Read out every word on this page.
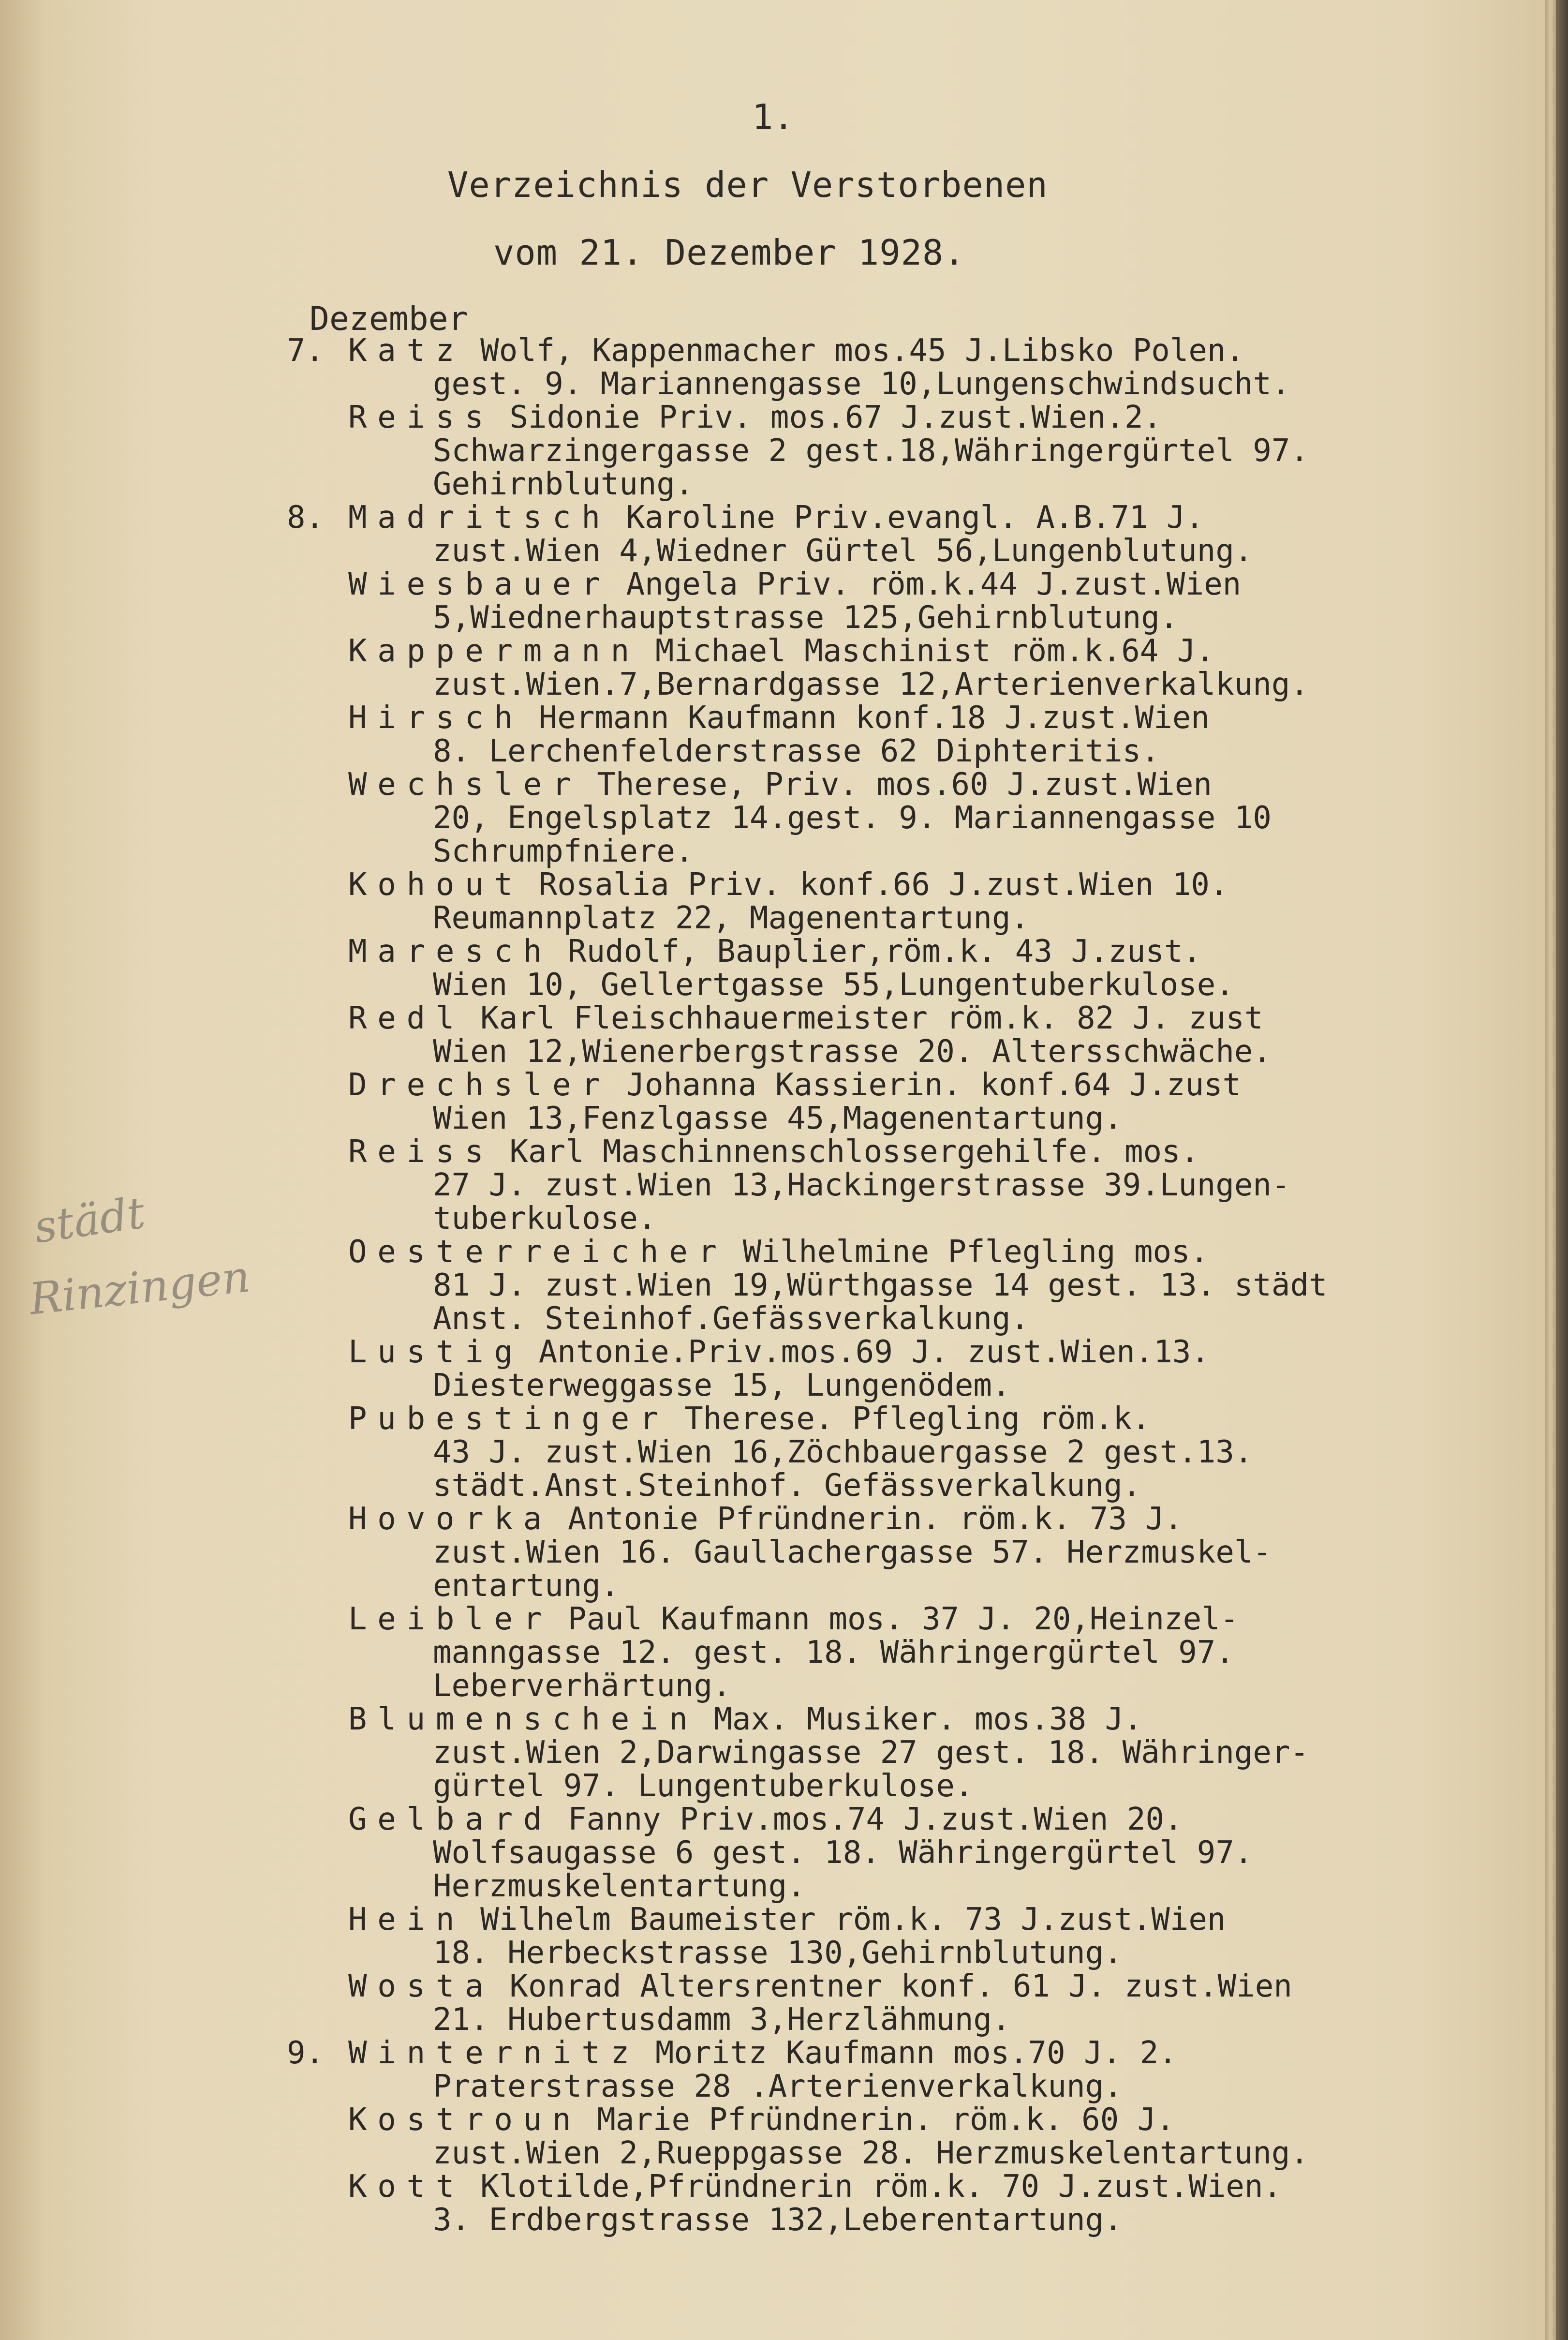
1.
Verzeichnis der Verstorbenen
vom 21. Dezember 1928.
Dezember
städt
Rinzingen
7. Katz Wolf, Kappenmacher mos.45 J.Libsko Polen.
gest. 9. Mariannengasse 10,Lungenschwindsucht.
Reiss Sidonie Priv. mos.67 J.zust.Wien.2.
Schwarzingergasse 2 gest.18,Währingergürtel 97.
Gehirnblutung.
8. Madritsch Karoline Priv.evangl. A.B.71 J.
zust.Wien 4,Wiedner Gürtel 56,Lungenblutung.
Wiesbauer Angela Priv. röm.k.44 J.zust.Wien
5,Wiednerhauptstrasse 125,Gehirnblutung.
Kappermann Michael Maschinist röm.k.64 J.
zust.Wien.7,Bernardgasse 12,Arterienverkalkung.
Hirsch Hermann Kaufmann konf.18 J.zust.Wien
8. Lerchenfelderstrasse 62 Diphteritis.
Wechsler Therese, Priv. mos.60 J.zust.Wien
20, Engelsplatz 14.gest. 9. Mariannengasse 10
Schrumpfniere.
Kohout Rosalia Priv. konf.66 J.zust.Wien 10.
Reumannplatz 22, Magenentartung.
Maresch Rudolf, Bauplier,röm.k. 43 J.zust.
Wien 10, Gellertgasse 55,Lungentuberkulose.
Redl Karl Fleischhauermeister röm.k. 82 J. zust
Wien 12,Wienerbergstrasse 20. Altersschwäche.
Drechsler Johanna Kassierin. konf.64 J.zust
Wien 13,Fenzlgasse 45,Magenentartung.
Reiss Karl Maschinnenschlossergehilfe. mos.
27 J. zust.Wien 13,Hackingerstrasse 39.Lungen-
tuberkulose.
Oesterreicher Wilhelmine Pflegling mos.
81 J. zust.Wien 19,Würthgasse 14 gest. 13. städt
Anst. Steinhof.Gefässverkalkung.
Lustig Antonie.Priv.mos.69 J. zust.Wien.13.
Diesterweggasse 15, Lungenödem.
Pubestinger Therese. Pflegling röm.k.
43 J. zust.Wien 16,Zöchbauergasse 2 gest.13.
städt.Anst.Steinhof. Gefässverkalkung.
Hovorka Antonie Pfründnerin. röm.k. 73 J.
zust.Wien 16. Gaullachergasse 57. Herzmuskel-
entartung.
Leibler Paul Kaufmann mos. 37 J. 20,Heinzel-
manngasse 12. gest. 18. Währingergürtel 97.
Leberverhärtung.
Blumenschein Max. Musiker. mos.38 J.
zust.Wien 2,Darwingasse 27 gest. 18. Währinger-
gürtel 97. Lungentuberkulose.
Gelbard Fanny Priv.mos.74 J.zust.Wien 20.
Wolfsaugasse 6 gest. 18. Währingergürtel 97.
Herzmuskelentartung.
Hein Wilhelm Baumeister röm.k. 73 J.zust.Wien
18. Herbeckstrasse 130,Gehirnblutung.
Wosta Konrad Altersrentner konf. 61 J. zust.Wien
21. Hubertusdamm 3,Herzlähmung.
9. Winternitz Moritz Kaufmann mos.70 J. 2.
Praterstrasse 28 .Arterienverkalkung.
Kostroun Marie Pfründnerin. röm.k. 60 J.
zust.Wien 2,Rueppgasse 28. Herzmuskelentartung.
Kott Klotilde,Pfründnerin röm.k. 70 J.zust.Wien.
3. Erdbergstrasse 132,Leberentartung.
